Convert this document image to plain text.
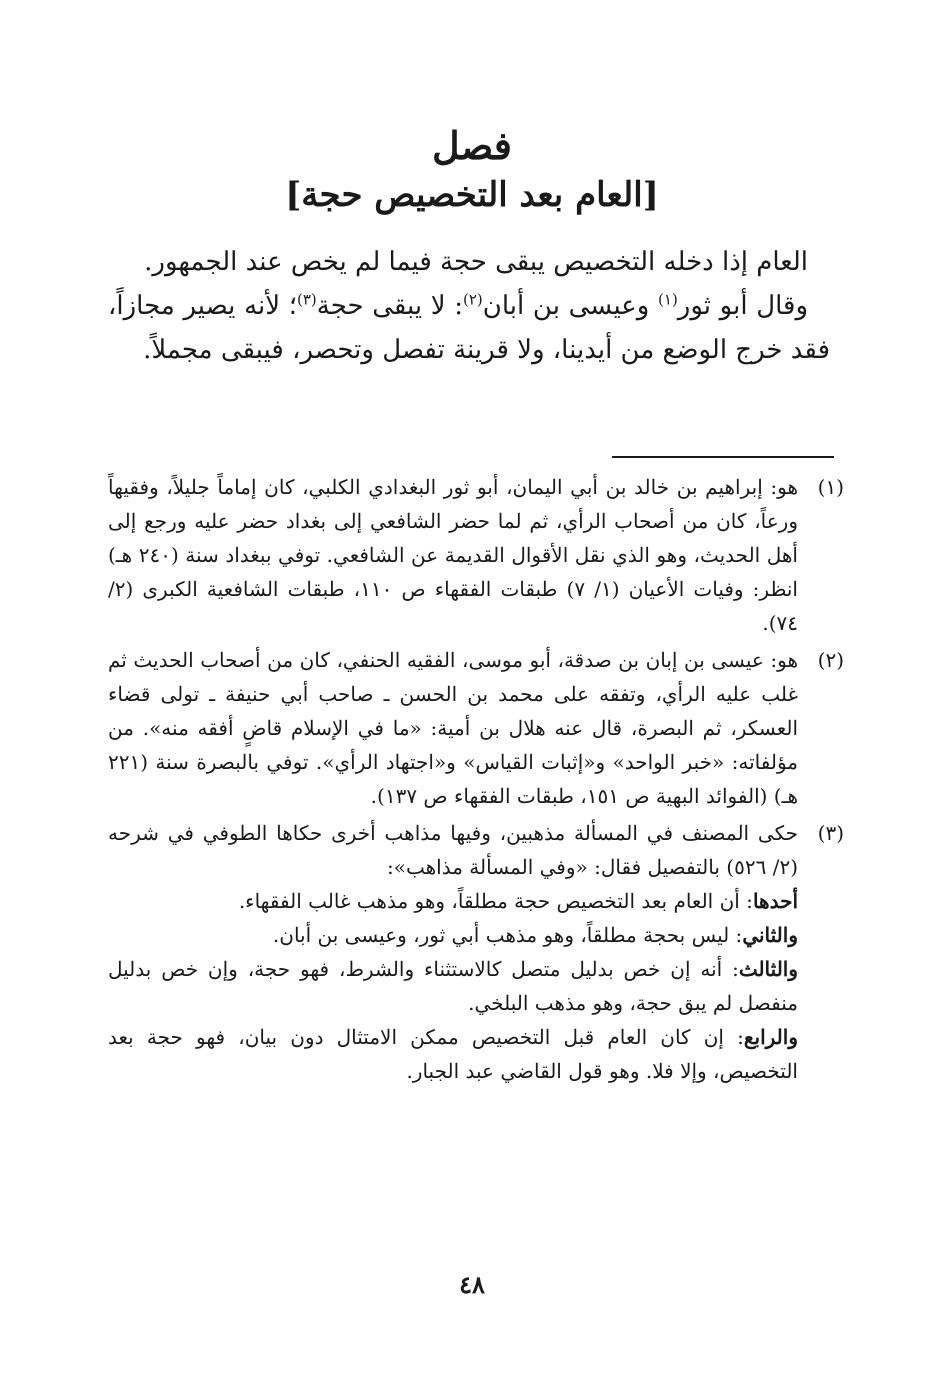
فصل
[العام بعد التخصيص حجة]

العام إذا دخله التخصيص يبقى حجة فيما لم يخص عند الجمهور.

وقال أبو ثور$^{(١)}$ وعيسى بن أبان$^{(٢)}$: لا يبقى حجة$^{(٣)}$؛ لأنه يصير مجازاً، فقد خرج الوضع من أيدينا، ولا قرينة تفصل وتحصر، فيبقى مجملاً.

(١)
هو: إبراهيم بن خالد بن أبي اليمان، أبو ثور البغدادي الكلبي، كان إماماً جليلاً، وفقيهاً ورعاً، كان من أصحاب الرأي، ثم لما حضر الشافعي إلى بغداد حضر عليه ورجع إلى أهل الحديث، وهو الذي نقل الأقوال القديمة عن الشافعي. توفي ببغداد سنة (٢٤٠ هـ) انظر: وفيات الأعيان (١/ ٧) طبقات الفقهاء ص ١١٠، طبقات الشافعية الكبرى (٢/ ٧٤).
(٢)
هو: عيسى بن إبان بن صدقة، أبو موسى، الفقيه الحنفي، كان من أصحاب الحديث ثم غلب عليه الرأي، وتفقه على محمد بن الحسن ـ صاحب أبي حنيفة ـ تولى قضاء العسكر، ثم البصرة، قال عنه هلال بن أمية: «ما في الإسلام قاضٍ أفقه منه». من مؤلفاته: «خبر الواحد» و«إثبات القياس» و«اجتهاد الرأي». توفي بالبصرة سنة (٢٢١ هـ) (الفوائد البهية ص ١٥١، طبقات الفقهاء ص ١٣٧).
(٣)
حكى المصنف في المسألة مذهبين، وفيها مذاهب أخرى حكاها الطوفي في شرحه (٢/ ٥٢٦) بالتفصيل فقال: «وفي المسألة مذاهب»:

أحدها: أن العام بعد التخصيص حجة مطلقاً، وهو مذهب غالب الفقهاء.

والثاني: ليس بحجة مطلقاً، وهو مذهب أبي ثور، وعيسى بن أبان.

والثالث: أنه إن خص بدليل متصل كالاستثناء والشرط، فهو حجة، وإن خص بدليل منفصل لم يبق حجة، وهو مذهب البلخي.

والرابع: إن كان العام قبل التخصيص ممكن الامتثال دون بيان، فهو حجة بعد التخصيص، وإلا فلا. وهو قول القاضي عبد الجبار.

٤٨
